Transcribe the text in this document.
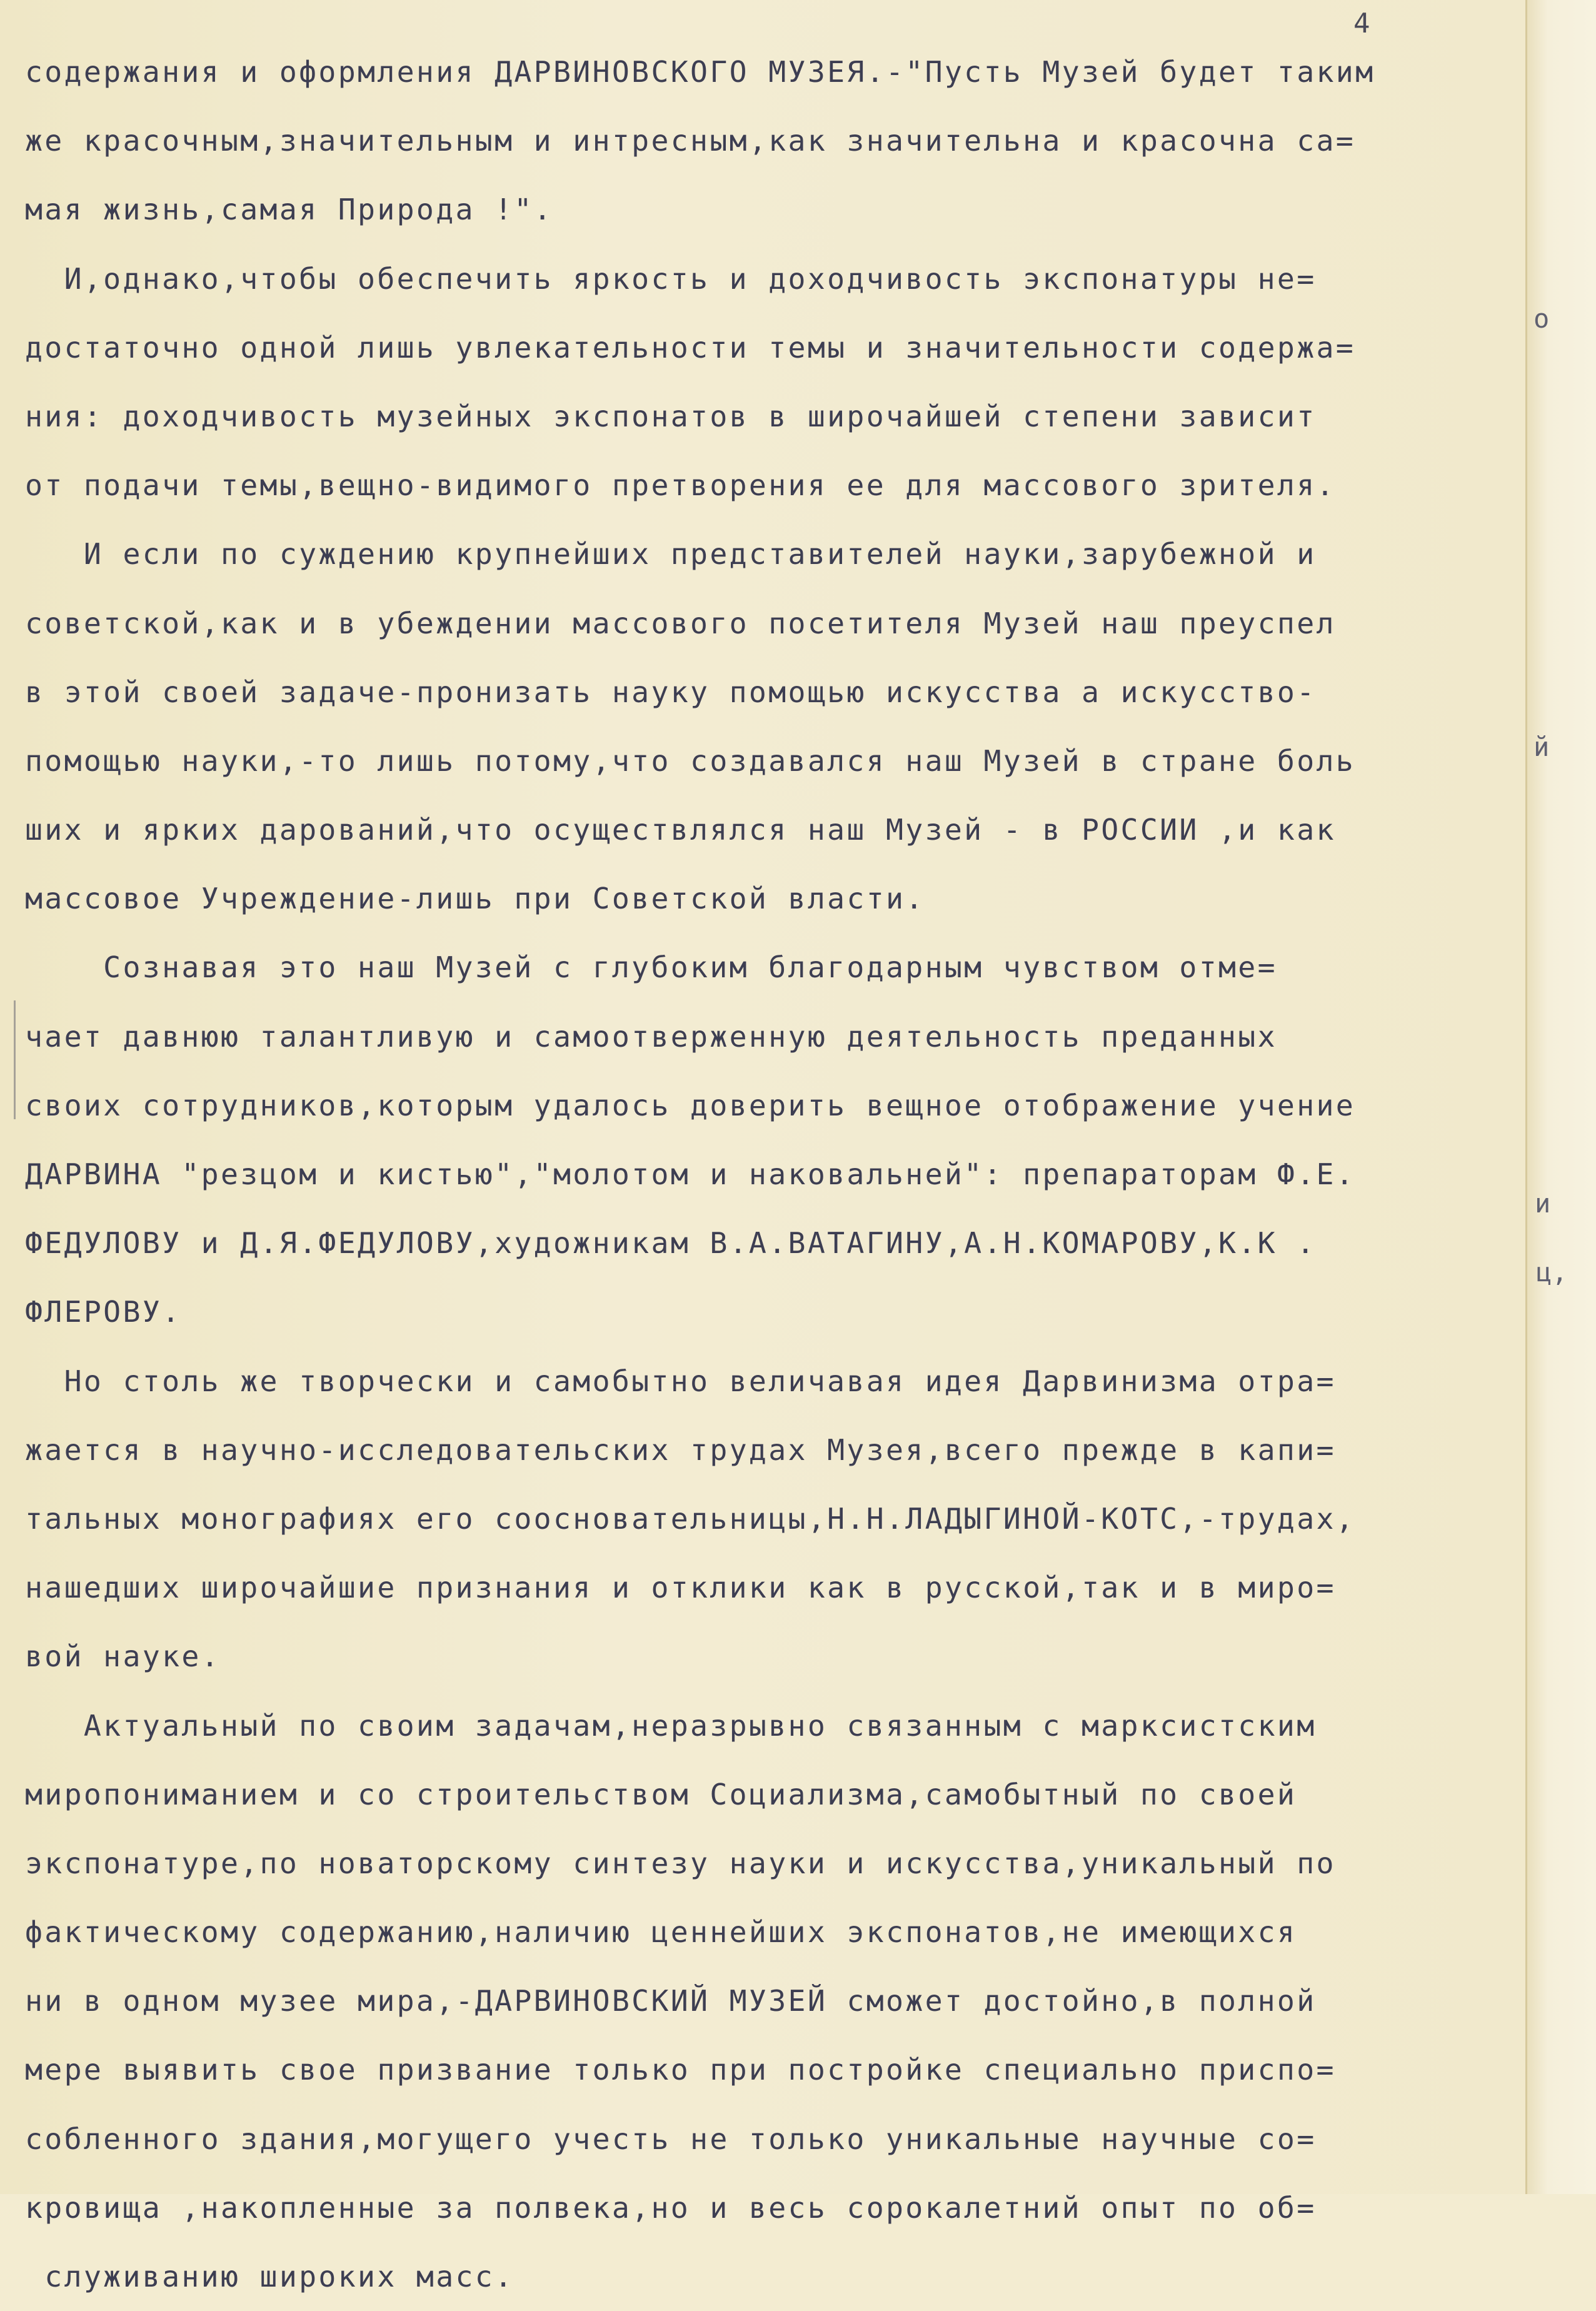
о
й
и
ц,
4
содержания и оформления ДАРВИНОВСКОГО МУЗЕЯ.-"Пусть Музей будет таким
же красочным,значительным и интресным,как значительна и красочна са=
мая жизнь,самая Природа !".
И,однако,чтобы обеспечить яркость и доходчивость экспонатуры не=
достаточно одной лишь увлекательности темы и значительности содержа=
ния: доходчивость музейных экспонатов в широчайшей степени зависит
от подачи темы,вещно-видимого претворения ее для массового зрителя.
И если по суждению крупнейших представителей науки,зарубежной и
советской,как и в убеждении массового посетителя Музей наш преуспел
в этой своей задаче-пронизать науку помощью искусства а искусство-
помощью науки,-то лишь потому,что создавался наш Музей в стране боль
ших и ярких дарований,что осуществлялся наш Музей - в РОССИИ ,и как
массовое Учреждение-лишь при Советской власти.
Сознавая это наш Музей с глубоким благодарным чувством отме=
чает давнюю талантливую и самоотверженную деятельность преданных
своих сотрудников,которым удалось доверить вещное отображение учение
ДАРВИНА "резцом и кистью","молотом и наковальней": препараторам Ф.Е.
ФЕДУЛОВУ и Д.Я.ФЕДУЛОВУ,художникам В.А.ВАТАГИНУ,А.Н.КОМАРОВУ,К.К .
ФЛЕРОВУ.
Но столь же творчески и самобытно величавая идея Дарвинизма отра=
жается в научно-исследовательских трудах Музея,всего прежде в капи=
тальных монографиях его соосновательницы,Н.Н.ЛАДЫГИНОЙ-КОТС,-трудах,
нашедших широчайшие признания и отклики как в русской,так и в миро=
вой науке.
Актуальный по своим задачам,неразрывно связанным с марксистским
миропониманием и со строительством Социализма,самобытный по своей
экспонатуре,по новаторскому синтезу науки и искусства,уникальный по
фактическому содержанию,наличию ценнейших экспонатов,не имеющихся
ни в одном музее мира,-ДАРВИНОВСКИЙ МУЗЕЙ сможет достойно,в полной
мере выявить свое призвание только при постройке специально приспо=
собленного здания,могущего учесть не только уникальные научные со=
кровища ,накопленные за полвека,но и весь сорокалетний опыт по об=
служиванию широких масс.
